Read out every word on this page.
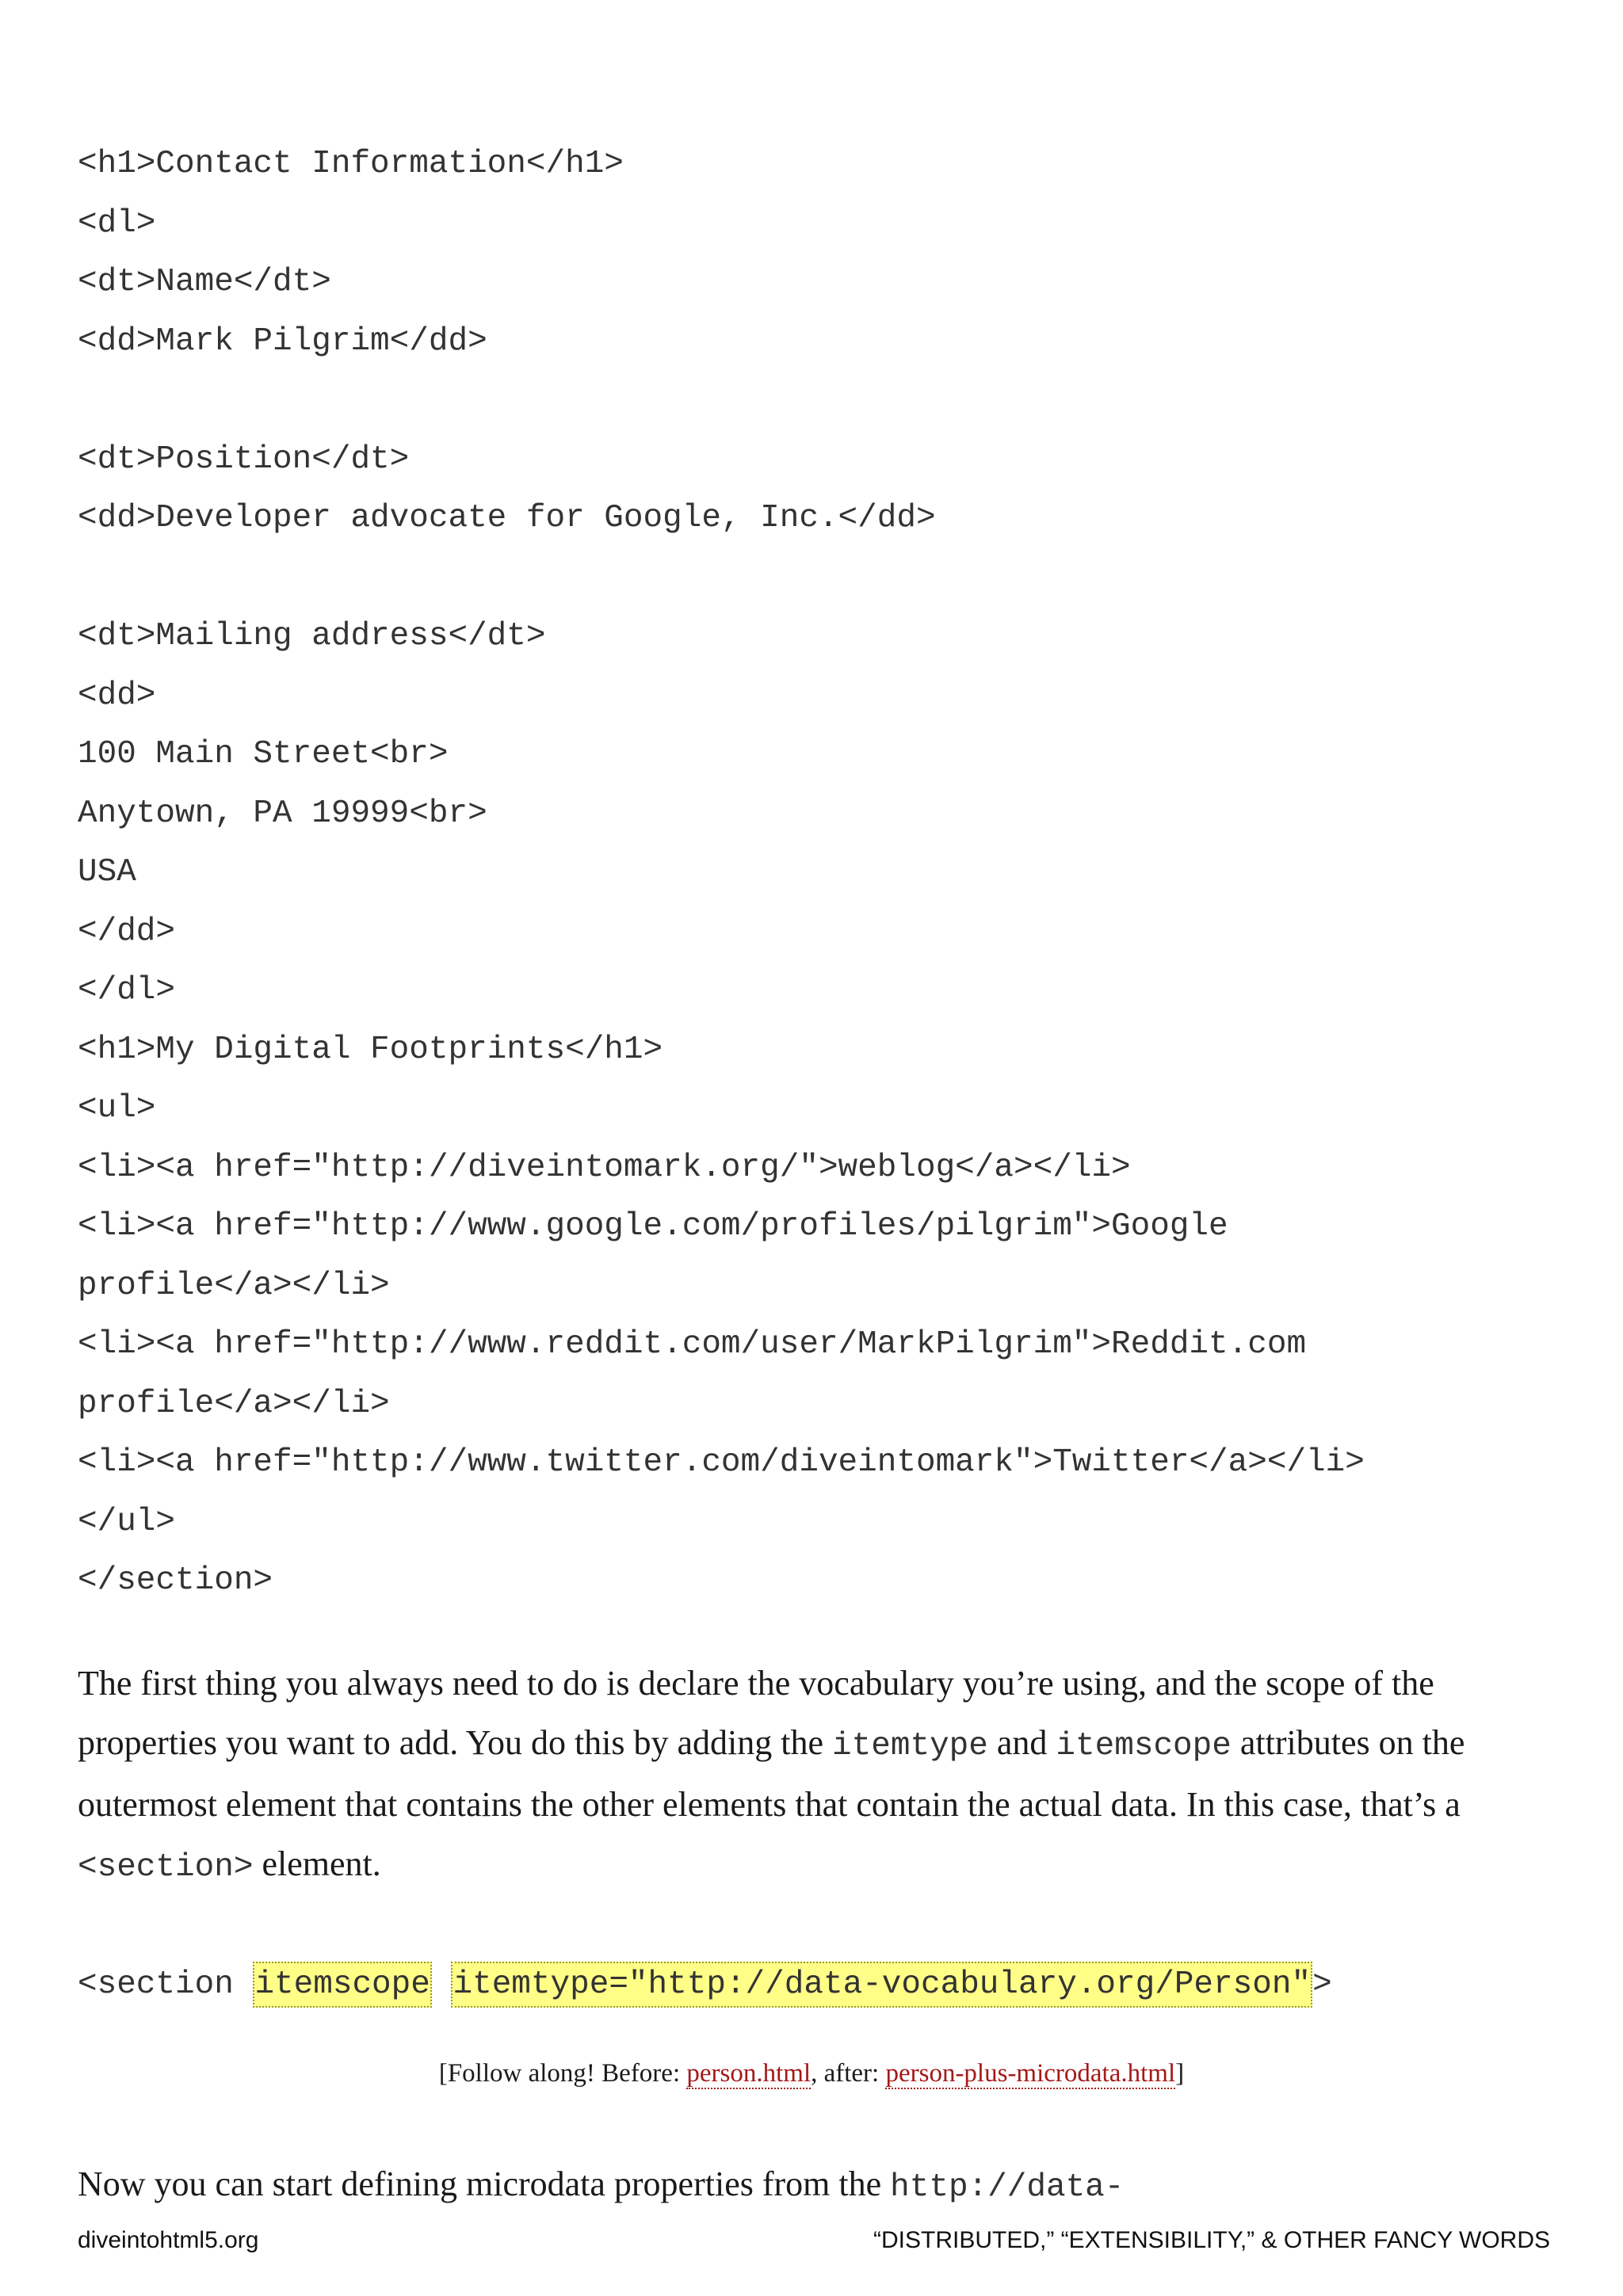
<h1>Contact Information</h1>
<dl>
<dt>Name</dt>
<dd>Mark Pilgrim</dd>
<dt>Position</dt>
<dd>Developer advocate for Google, Inc.</dd>
<dt>Mailing address</dt>
<dd>
100 Main Street<br>
Anytown, PA 19999<br>
USA
</dd>
</dl>
<h1>My Digital Footprints</h1>
<ul>
<li><a href="http://diveintomark.org/">weblog</a></li>
<li><a href="http://www.google.com/profiles/pilgrim">Google
profile</a></li>
<li><a href="http://www.reddit.com/user/MarkPilgrim">Reddit.com
profile</a></li>
<li><a href="http://www.twitter.com/diveintomark">Twitter</a></li>
</ul>
</section>

The first thing you always need to do is declare the vocabulary you’re using, and the scope of the properties you want to add. You do this by adding the itemtype and itemscope attributes on the outermost element that contains the other elements that contain the actual data. In this case, that’s a <section> element.

<section itemscope itemtype="http://data-vocabulary.org/Person">
[Follow along! Before: person.html, after: person-plus-microdata.html]

Now you can start defining microdata properties from the http://data-

diveintohtml5.org	“DISTRIBUTED,” “EXTENSIBILITY,” & OTHER FANCY WORDS
